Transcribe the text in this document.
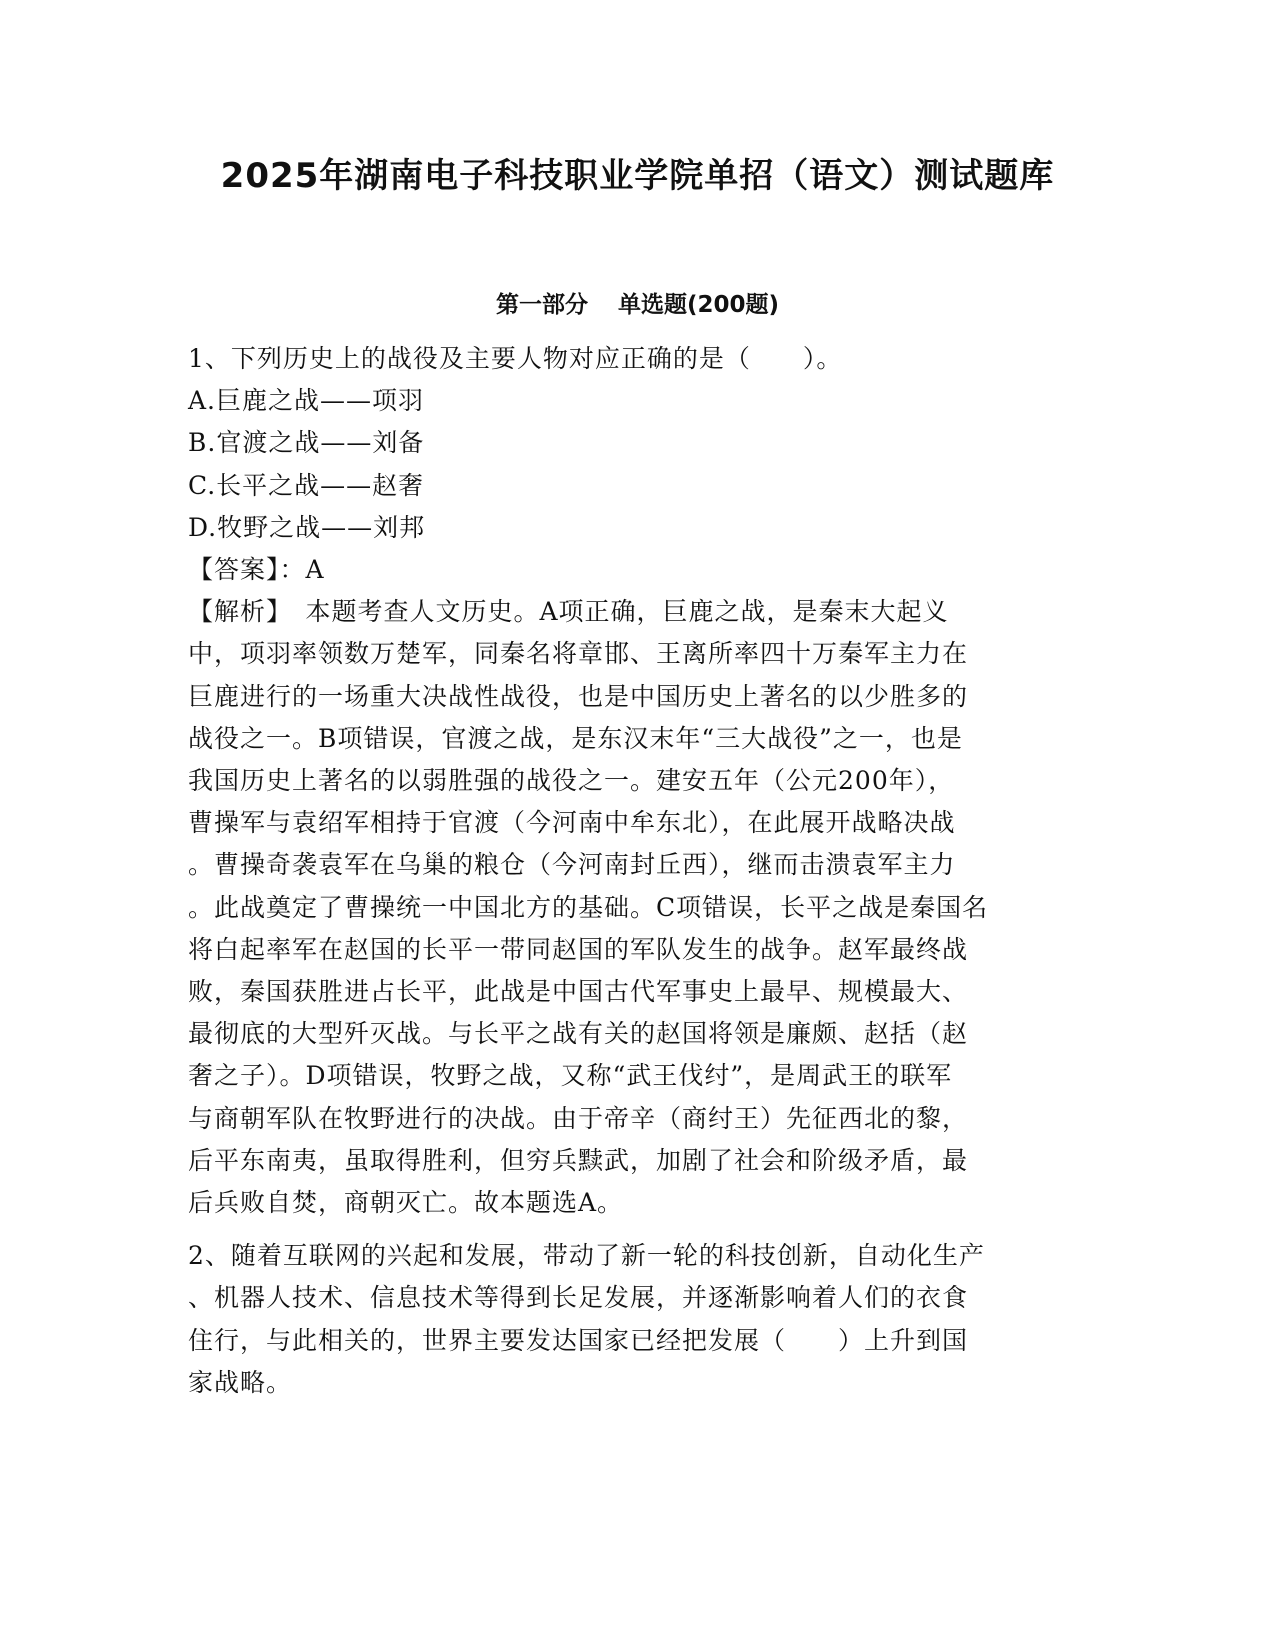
2025年湖南电子科技职业学院单招（语文）测试题库
第一部分 单选题(200题)

1、下列历史上的战役及主要人物对应正确的是（　　）。

A.巨鹿之战——项羽

B.官渡之战——刘备

C.长平之战——赵奢

D.牧野之战——刘邦

【答案】：A

【解析】　本题考查人文历史。A项正确，巨鹿之战，是秦末大起义

中，项羽率领数万楚军，同秦名将章邯、王离所率四十万秦军主力在

巨鹿进行的一场重大决战性战役，也是中国历史上著名的以少胜多的

战役之一。B项错误，官渡之战，是东汉末年“三大战役”之一，也是

我国历史上著名的以弱胜强的战役之一。建安五年（公元200年），

曹操军与袁绍军相持于官渡（今河南中牟东北），在此展开战略决战

。曹操奇袭袁军在乌巢的粮仓（今河南封丘西），继而击溃袁军主力

。此战奠定了曹操统一中国北方的基础。C项错误，长平之战是秦国名

将白起率军在赵国的长平一带同赵国的军队发生的战争。赵军最终战

败，秦国获胜进占长平，此战是中国古代军事史上最早、规模最大、

最彻底的大型歼灭战。与长平之战有关的赵国将领是廉颇、赵括（赵

奢之子）。D项错误，牧野之战，又称“武王伐纣”，是周武王的联军

与商朝军队在牧野进行的决战。由于帝辛（商纣王）先征西北的黎，

后平东南夷，虽取得胜利，但穷兵黩武，加剧了社会和阶级矛盾，最

后兵败自焚，商朝灭亡。故本题选A。

2、随着互联网的兴起和发展，带动了新一轮的科技创新，自动化生产

、机器人技术、信息技术等得到长足发展，并逐渐影响着人们的衣食

住行，与此相关的，世界主要发达国家已经把发展（　　）上升到国

家战略。
